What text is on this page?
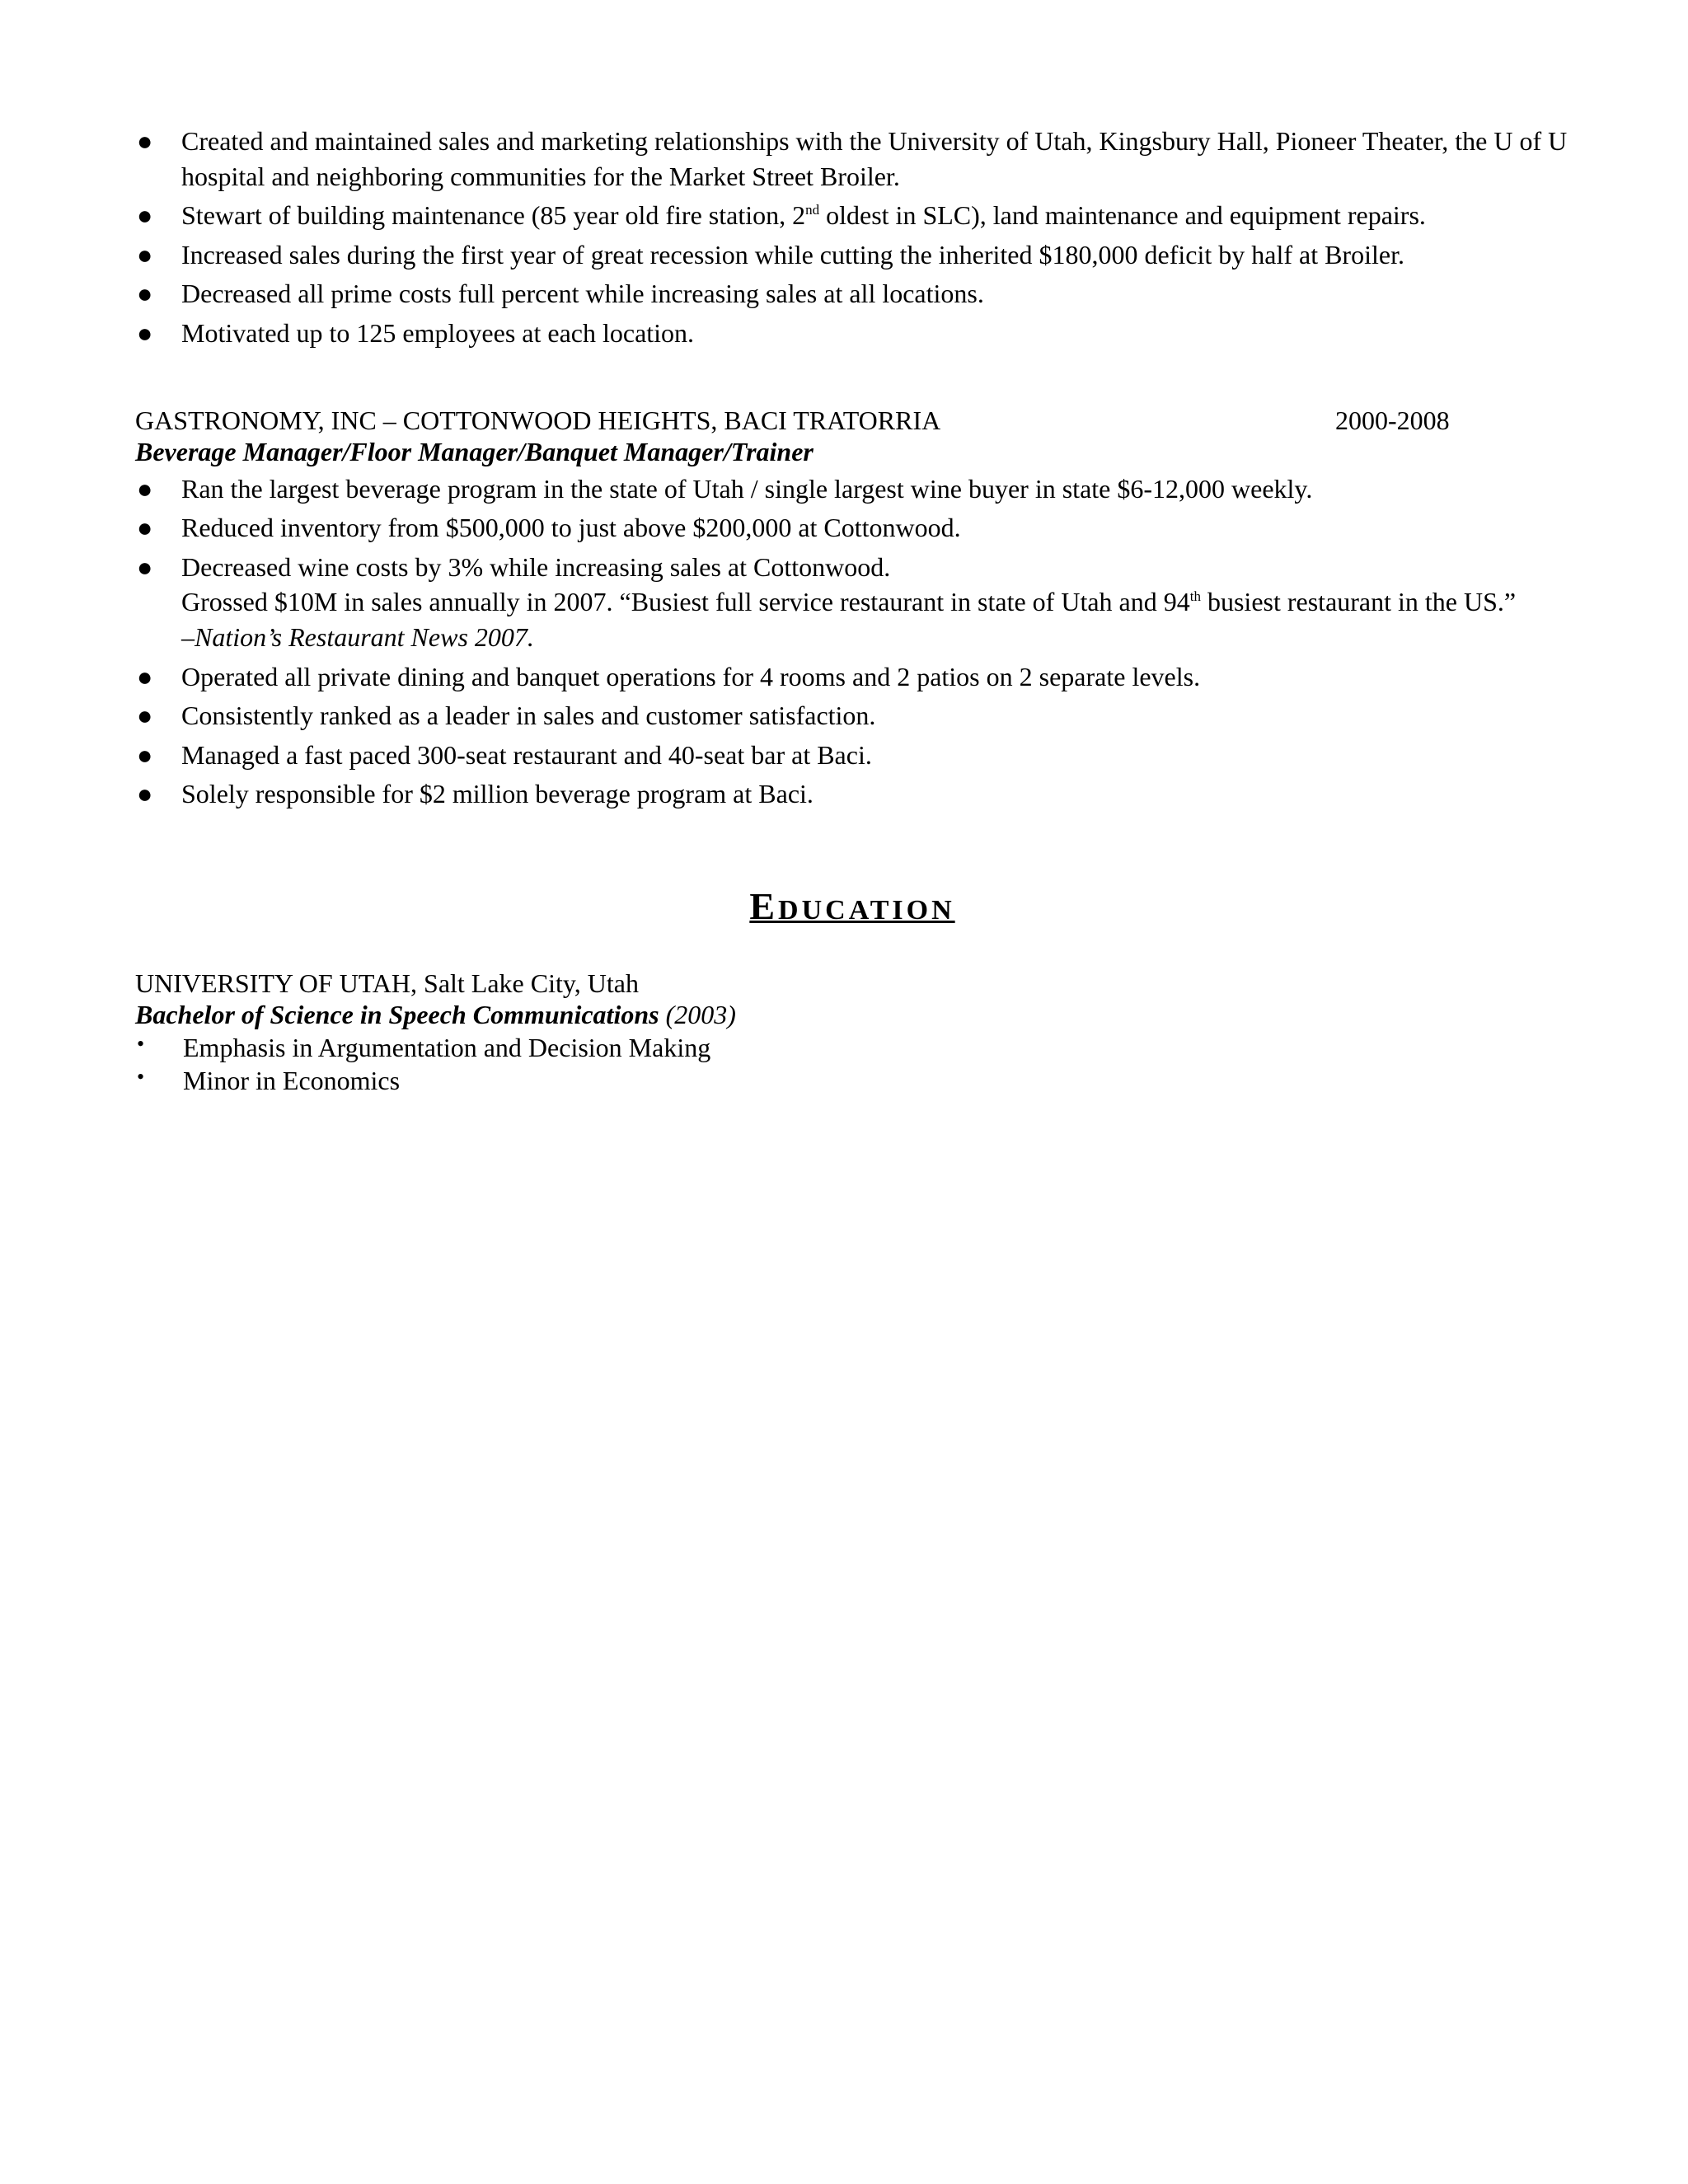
● Created and maintained sales and marketing relationships with the University of Utah, Kingsbury Hall, Pioneer Theater, the U of U hospital and neighboring communities for the Market Street Broiler.
● Stewart of building maintenance (85 year old fire station, 2nd oldest in SLC), land maintenance and equipment repairs.
● Increased sales during the first year of great recession while cutting the inherited $180,000 deficit by half at Broiler.
● Decreased all prime costs full percent while increasing sales at all locations.
● Motivated up to 125 employees at each location.
GASTRONOMY, INC – COTTONWOOD HEIGHTS, BACI TRATORRIA	2000-2008
Beverage Manager/Floor Manager/Banquet Manager/Trainer
● Ran the largest beverage program in the state of Utah / single largest wine buyer in state $6-12,000 weekly.
● Reduced inventory from $500,000 to just above $200,000 at Cottonwood.
● Decreased wine costs by 3% while increasing sales at Cottonwood.
Grossed $10M in sales annually in 2007. “Busiest full service restaurant in state of Utah and 94th busiest restaurant in the US.”
–Nation’s Restaurant News 2007.
● Operated all private dining and banquet operations for 4 rooms and 2 patios on 2 separate levels.
● Consistently ranked as a leader in sales and customer satisfaction.
● Managed a fast paced 300-seat restaurant and 40-seat bar at Baci.
● Solely responsible for $2 million beverage program at Baci.
EDUCATION
UNIVERSITY OF UTAH, Salt Lake City, Utah
Bachelor of Science in Speech Communications (2003)
• Emphasis in Argumentation and Decision Making
• Minor in Economics
